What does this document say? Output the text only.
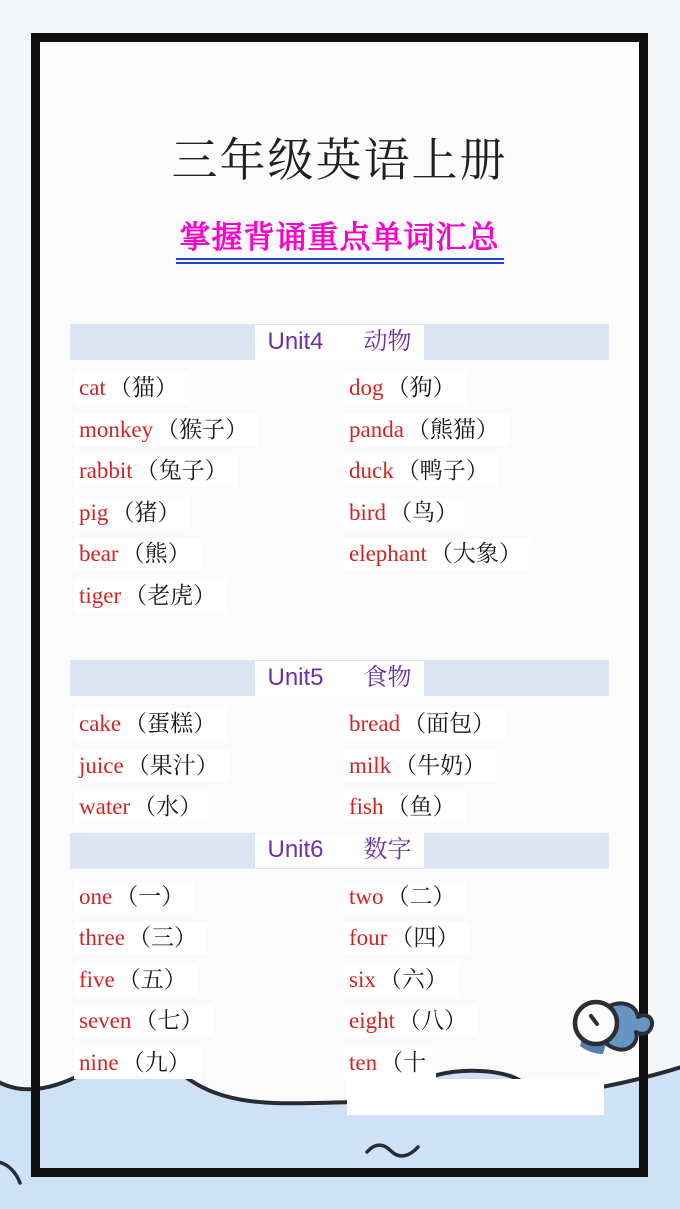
三年级英语上册
掌握背诵重点单词汇总
Unit4 动物
cat （猫）	dog （狗）
monkey （猴子）	panda （熊猫）
rabbit （兔子）	duck （鸭子）
pig （猪）	bird （鸟）
bear （熊）	elephant （大象）
tiger （老虎）
Unit5 食物
cake （蛋糕）	bread （面包）
juice （果汁）	milk （牛奶）
water （水）	fish （鱼）
Unit6 数字
one （一）	two （二）
three （三）	four （四）
five （五）	six （六）
seven （七）	eight （八）
nine （九）	ten （十
